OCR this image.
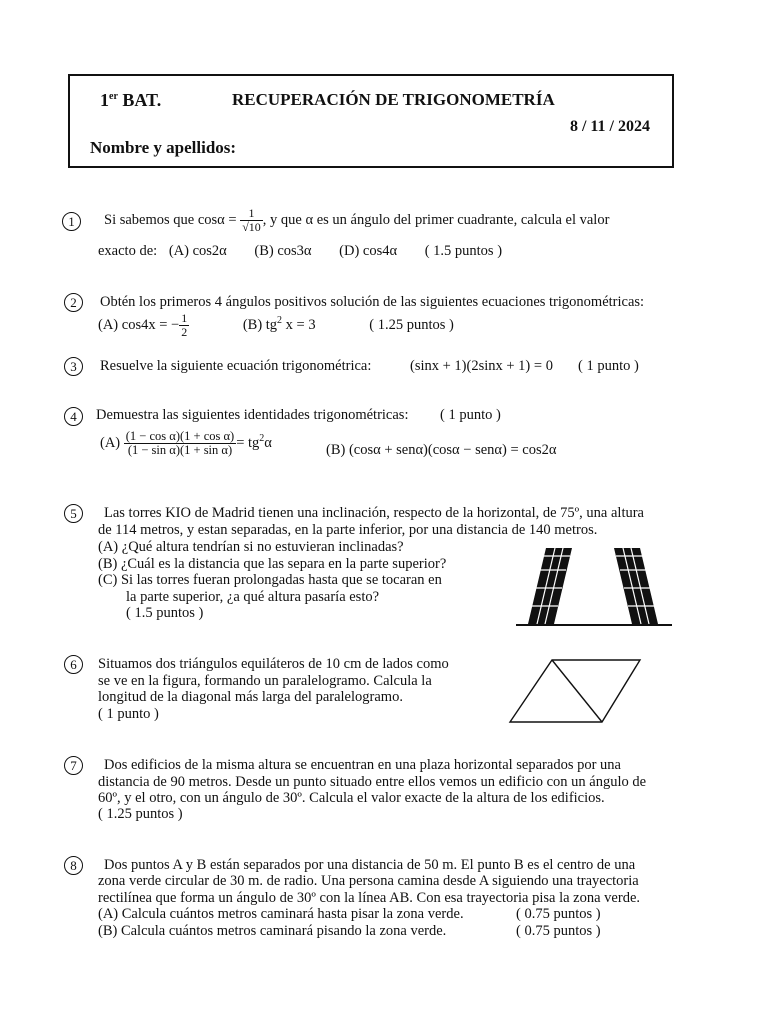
1er BAT.	RECUPERACIÓN DE TRIGONOMETRÍA
8 / 11 / 2024
Nombre y apellidos:
1	Si sabemos que $\cos\alpha = \frac{1}{√10}$ , y que α es un ángulo del primer cuadrante, calcula el valor
exacto de: (A) cos2α (B) cos3α (D) cos4α ( 1.5 puntos )
2	Obtén los primeros 4 ángulos positivos solución de las siguientes ecuaciones trigonométricas:
(A) cos4x = − $\frac{1}{2}$	(B) $tg^2$ x = 3	( 1.25 puntos )
3	Resuelve la siguiente ecuación trigonométrica:	(sinx + 1)(2sinx + 1) = 0 ( 1 punto )
4	Demuestra las siguientes identidades trigonométricas: ( 1 punto )
$(A) \frac{\text{(1 − cos α)(1 + cos α)}}{\text{(1 − sin α)(1 + sin α)}} = tg^2\alpha$	(B) (cosα + senα)(cosα − senα) = cos2α
5	Las torres KIO de Madrid tienen una inclinación, respecto de la horizontal, de 75º, una altura
de 114 metros, y estan separadas, en la parte inferior, por una distancia de 140 metros.
(A) ¿Qué altura tendrían si no estuvieran inclinadas?
(B) ¿Cuál es la distancia que las separa en la parte superior?
(C) Si las torres fueran prolongadas hasta que se tocaran en
la parte superior, ¿a qué altura pasaría esto?
( 1.5 puntos )
6	Situamos dos triángulos equiláteros de 10 cm de lados como
se ve en la figura, formando un paralelogramo. Calcula la
longitud de la diagonal más larga del paralelogramo.
( 1 punto )
7	Dos edificios de la misma altura se encuentran en una plaza horizontal separados por una
distancia de 90 metros. Desde un punto situado entre ellos vemos un edificio con un ángulo de
60º, y el otro, con un ángulo de 30º. Calcula el valor exacte de la altura de los edificios.
( 1.25 puntos )
8	Dos puntos A y B están separados por una distancia de 50 m. El punto B es el centro de una
zona verde circular de 30 m. de radio. Una persona camina desde A siguiendo una trayectoria
rectilínea que forma un ángulo de 30º con la línea AB. Con esa trayectoria pisa la zona verde.
(A) Calcula cuántos metros caminará hasta pisar la zona verde.	( 0.75 puntos )
(B) Calcula cuántos metros caminará pisando la zona verde.	( 0.75 puntos )
